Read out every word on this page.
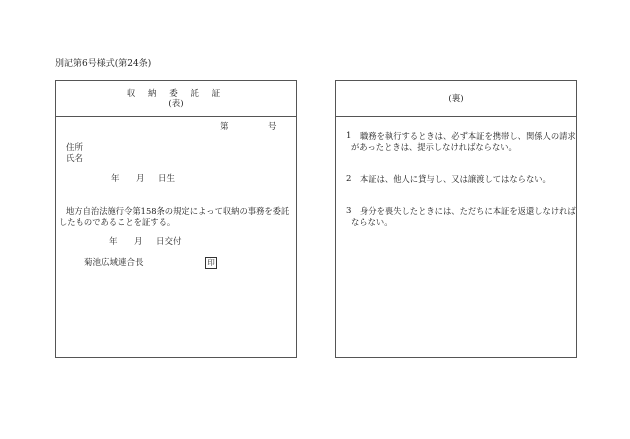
別記第6号様式(第24条)
収 納 委 託 証
(表)
第	号
住所
氏名
年 月 日生
地方自治法施行令第158条の規定によって収納の事務を委託
したものであることを証する。
年 月 日交付
菊池広域連合長	印
(裏)
1 職務を執行するときは、必ず本証を携帯し、関係人の請求
があったときは、提示しなければならない。
2 本証は、他人に貸与し、又は譲渡してはならない。
3 身分を喪失したときには、ただちに本証を返還しなければ
ならない。
